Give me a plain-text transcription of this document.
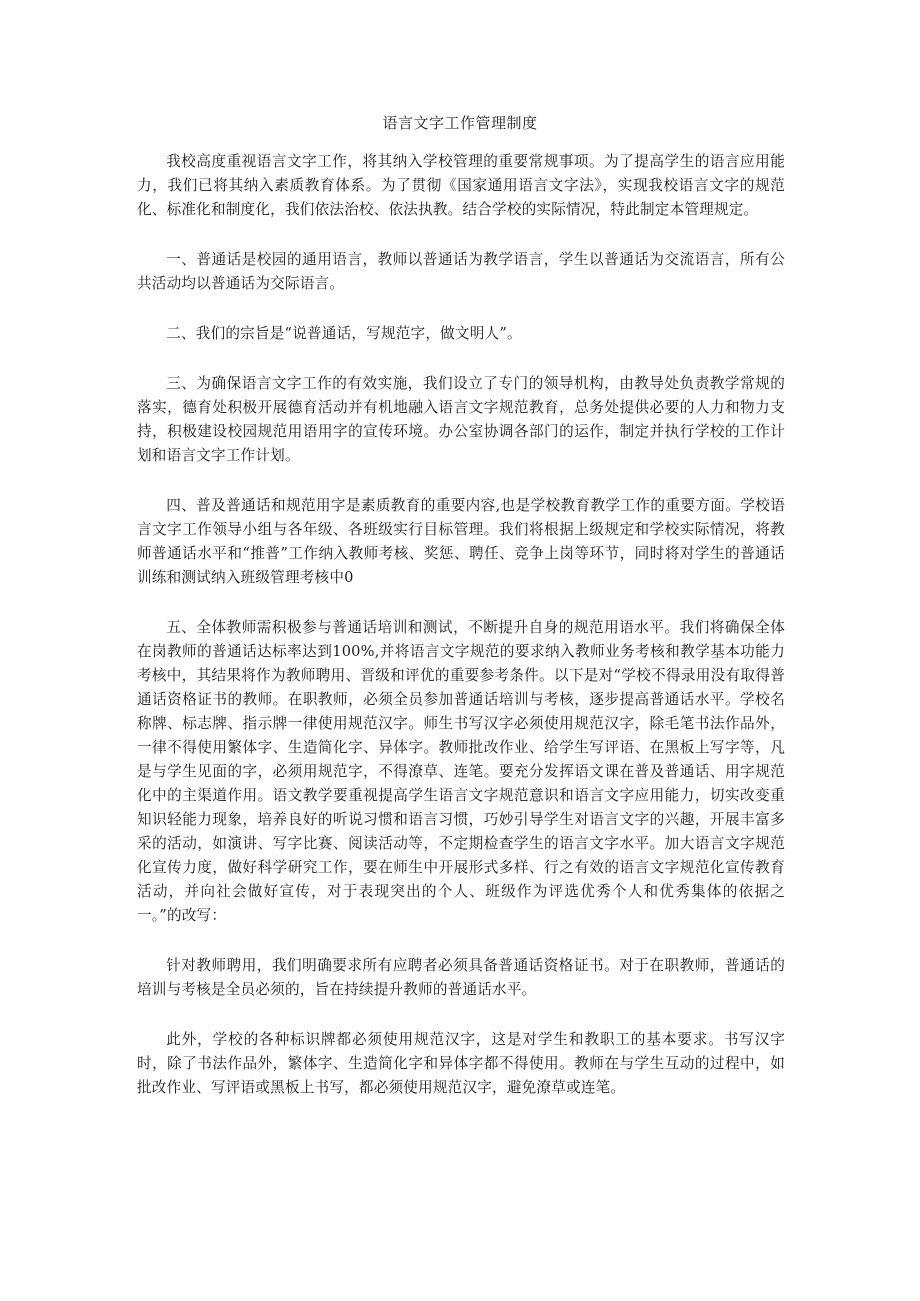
语言文字工作管理制度

我校高度重视语言文字工作，将其纳入学校管理的重要常规事项。为了提高学生的语言应用能力，我们已将其纳入素质教育体系。为了贯彻《国家通用语言文字法》，实现我校语言文字的规范化、标准化和制度化，我们依法治校、依法执教。结合学校的实际情况，特此制定本管理规定。

一、普通话是校园的通用语言，教师以普通话为教学语言，学生以普通话为交流语言，所有公共活动均以普通话为交际语言。

二、我们的宗旨是“说普通话，写规范字，做文明人”。

三、为确保语言文字工作的有效实施，我们设立了专门的领导机构，由教导处负责教学常规的落实，德育处积极开展德育活动并有机地融入语言文字规范教育，总务处提供必要的人力和物力支持，积极建设校园规范用语用字的宣传环境。办公室协调各部门的运作，制定并执行学校的工作计划和语言文字工作计划。

四、普及普通话和规范用字是素质教育的重要内容,也是学校教育教学工作的重要方面。学校语言文字工作领导小组与各年级、各班级实行目标管理。我们将根据上级规定和学校实际情况，将教师普通话水平和“推普”工作纳入教师考核、奖惩、聘任、竞争上岗等环节，同时将对学生的普通话训练和测试纳入班级管理考核中0

五、全体教师需积极参与普通话培训和测试，不断提升自身的规范用语水平。我们将确保全体在岗教师的普通话达标率达到100%,并将语言文字规范的要求纳入教师业务考核和教学基本功能力考核中，其结果将作为教师聘用、晋级和评优的重要参考条件。以下是对“学校不得录用没有取得普通话资格证书的教师。在职教师，必须全员参加普通话培训与考核，逐步提高普通话水平。学校名称牌、标志牌、指示牌一律使用规范汉字。师生书写汉字必须使用规范汉字，除毛笔书法作品外，一律不得使用繁体字、生造简化字、异体字。教师批改作业、给学生写评语、在黑板上写字等，凡是与学生见面的字，必须用规范字，不得潦草、连笔。要充分发挥语文课在普及普通话、用字规范化中的主渠道作用。语文教学要重视提高学生语言文字规范意识和语言文字应用能力，切实改变重知识轻能力现象，培养良好的听说习惯和语言习惯，巧妙引导学生对语言文字的兴趣，开展丰富多采的活动，如演讲、写字比赛、阅读活动等，不定期检查学生的语言文字水平。加大语言文字规范化宣传力度，做好科学研究工作，要在师生中开展形式多样、行之有效的语言文字规范化宣传教育活动，并向社会做好宣传，对于表现突出的个人、班级作为评选优秀个人和优秀集体的依据之一。”的改写：

针对教师聘用，我们明确要求所有应聘者必须具备普通话资格证书。对于在职教师，普通话的培训与考核是全员必须的，旨在持续提升教师的普通话水平。

此外，学校的各种标识牌都必须使用规范汉字，这是对学生和教职工的基本要求。书写汉字时，除了书法作品外，繁体字、生造简化字和异体字都不得使用。教师在与学生互动的过程中，如批改作业、写评语或黑板上书写，都必须使用规范汉字，避免潦草或连笔。
